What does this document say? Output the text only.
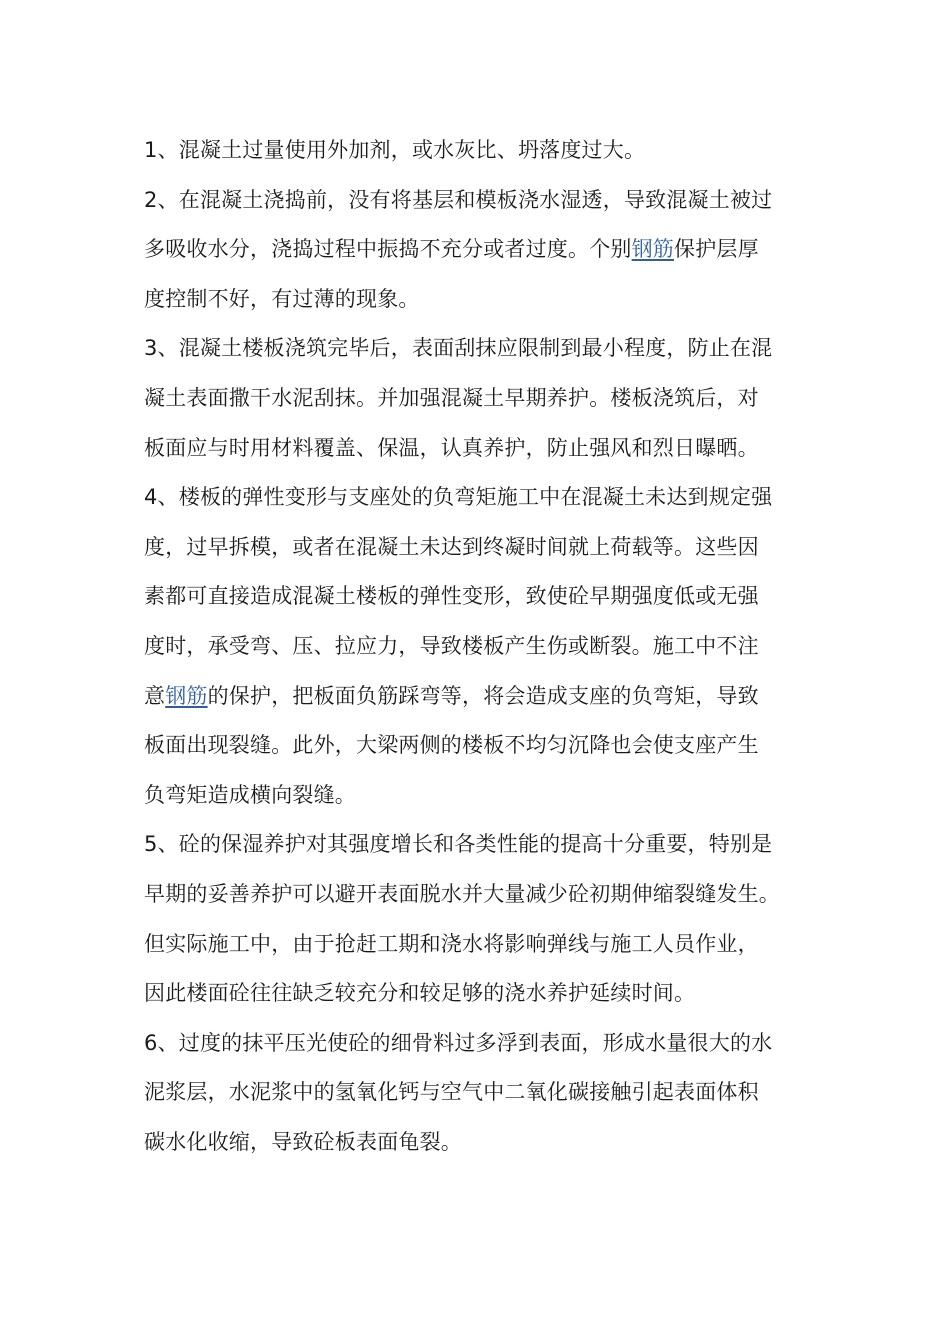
1、混凝土过量使用外加剂，或水灰比、坍落度过大。

2、在混凝土浇捣前，没有将基层和模板浇水湿透，导致混凝土被过
多吸收水分，浇捣过程中振捣不充分或者过度。个别钢筋保护层厚
度控制不好，有过薄的现象。

3、混凝土楼板浇筑完毕后，表面刮抹应限制到最小程度，防止在混
凝土表面撒干水泥刮抹。并加强混凝土早期养护。楼板浇筑后，对
板面应与时用材料覆盖、保温，认真养护，防止强风和烈日曝晒。

4、楼板的弹性变形与支座处的负弯矩施工中在混凝土未达到规定强
度，过早拆模，或者在混凝土未达到终凝时间就上荷载等。这些因
素都可直接造成混凝土楼板的弹性变形，致使砼早期强度低或无强
度时，承受弯、压、拉应力，导致楼板产生伤或断裂。施工中不注
意钢筋的保护，把板面负筋踩弯等，将会造成支座的负弯矩，导致
板面出现裂缝。此外，大梁两侧的楼板不均匀沉降也会使支座产生
负弯矩造成横向裂缝。

5、砼的保湿养护对其强度增长和各类性能的提高十分重要，特别是
早期的妥善养护可以避开表面脱水并大量减少砼初期伸缩裂缝发生。
但实际施工中，由于抢赶工期和浇水将影响弹线与施工人员作业，
因此楼面砼往往缺乏较充分和较足够的浇水养护延续时间。

6、过度的抹平压光使砼的细骨料过多浮到表面，形成水量很大的水
泥浆层，水泥浆中的氢氧化钙与空气中二氧化碳接触引起表面体积
碳水化收缩，导致砼板表面龟裂。
